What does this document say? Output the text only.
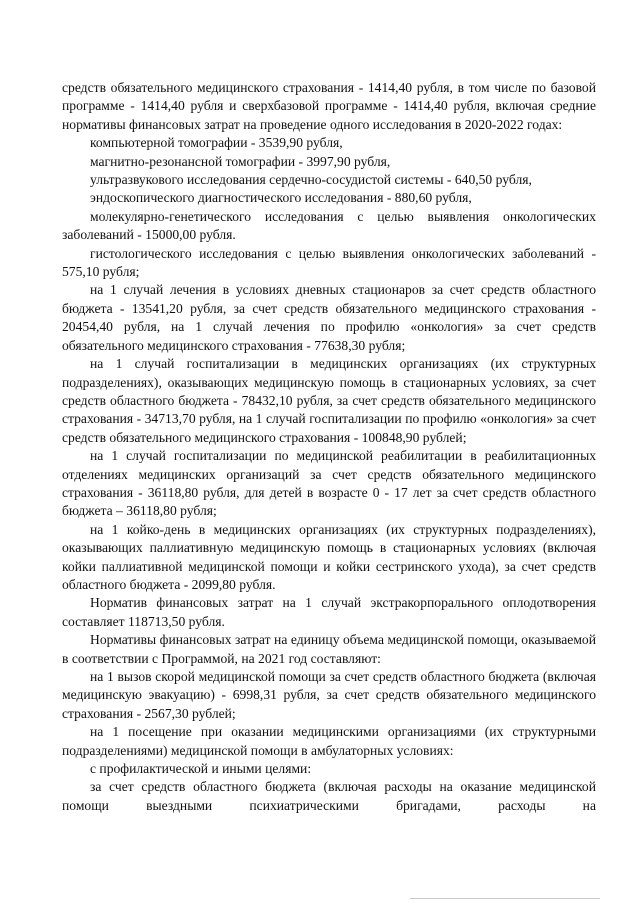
средств обязательного медицинского страхования - 1414,40 рубля, в том числе по базовой программе - 1414,40 рубля и сверхбазовой программе - 1414,40 рубля, включая средние нормативы финансовых затрат на проведение одного исследования в 2020-2022 годах:

компьютерной томографии - 3539,90 рубля,

магнитно-резонансной томографии - 3997,90 рубля,

ультразвукового исследования сердечно-сосудистой системы - 640,50 рубля,

эндоскопического диагностического исследования - 880,60 рубля,

молекулярно-генетического исследования с целью выявления онкологических заболеваний - 15000,00 рубля.

гистологического исследования с целью выявления онкологических заболеваний - 575,10 рубля;

на 1 случай лечения в условиях дневных стационаров за счет средств областного бюджета - 13541,20 рубля, за счет средств обязательного медицинского страхования - 20454,40 рубля, на 1 случай лечения по профилю «онкология» за счет средств обязательного медицинского страхования - 77638,30 рубля;

на 1 случай госпитализации в медицинских организациях (их структурных подразделениях), оказывающих медицинскую помощь в стационарных условиях, за счет средств областного бюджета - 78432,10 рубля, за счет средств обязательного медицинского страхования - 34713,70 рубля, на 1 случай госпитализации по профилю «онкология» за счет средств обязательного медицинского страхования - 100848,90 рублей;

на 1 случай госпитализации по медицинской реабилитации в реабилитационных отделениях медицинских организаций за счет средств обязательного медицинского страхования - 36118,80 рубля, для детей в возрасте 0 - 17 лет за счет средств областного бюджета – 36118,80 рубля;

на 1 койко-день в медицинских организациях (их структурных подразделениях), оказывающих паллиативную медицинскую помощь в стационарных условиях (включая койки паллиативной медицинской помощи и койки сестринского ухода), за счет средств областного бюджета - 2099,80 рубля.

Норматив финансовых затрат на 1 случай экстракорпорального оплодотворения составляет 118713,50 рубля.

Нормативы финансовых затрат на единицу объема медицинской помощи, оказываемой в соответствии с Программой, на 2021 год составляют:

на 1 вызов скорой медицинской помощи за счет средств областного бюджета (включая медицинскую эвакуацию) - 6998,31 рубля, за счет средств обязательного медицинского страхования - 2567,30 рублей;

на 1 посещение при оказании медицинскими организациями (их структурными подразделениями) медицинской помощи в амбулаторных условиях:

с профилактической и иными целями:

за счет средств областного бюджета (включая расходы на оказание медицинской помощи выездными психиатрическими бригадами, расходы на
